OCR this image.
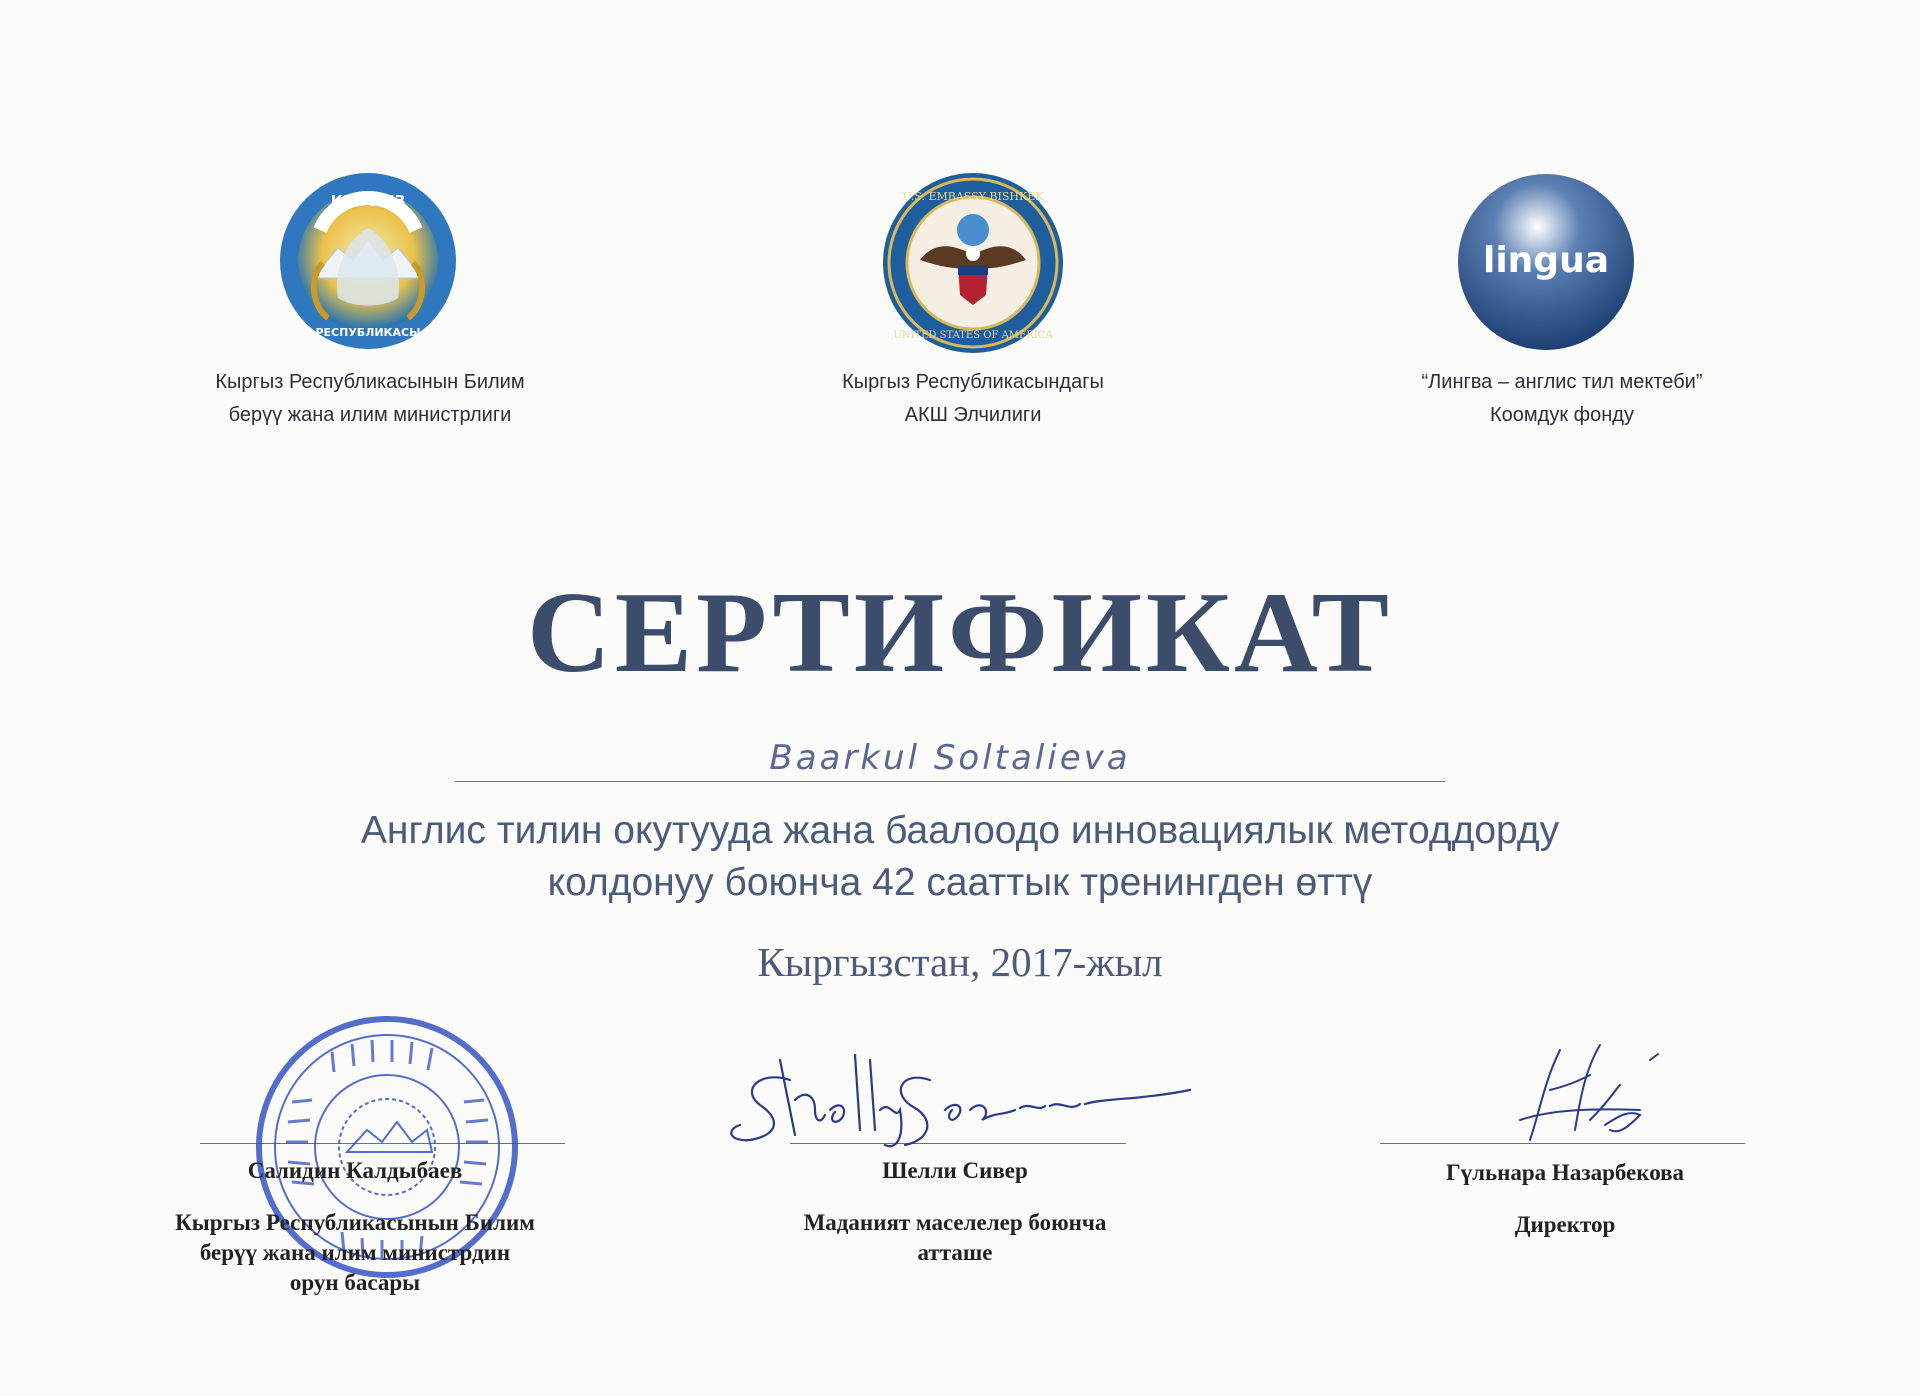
КЫРГЫЗ
РЕСПУБЛИКАСЫ
U.S. EMBASSY BISHKEK
UNITED STATES OF AMERICA
lingua
Кыргыз Республикасынын Билим
берүү жана илим министрлиги
Кыргыз Республикасындагы
АКШ Элчилиги
“Лингва – англис тил мектеби”
Коомдук фонду
СЕРТИФИКАТ
Baarkul Soltalieva
Англис тилин окутууда жана баалоодо инновациялык методдорду
колдонуу боюнча 42 сааттык тренингден өттү
Кыргызстан, 2017-жыл
Салидин Калдыбаев
Кыргыз Республикасынын Билим
берүү жана илим министрдин
орун басары
Шелли Сивер
Маданият маселелер боюнча
атташе
Гүльнара Назарбекова
Директор
